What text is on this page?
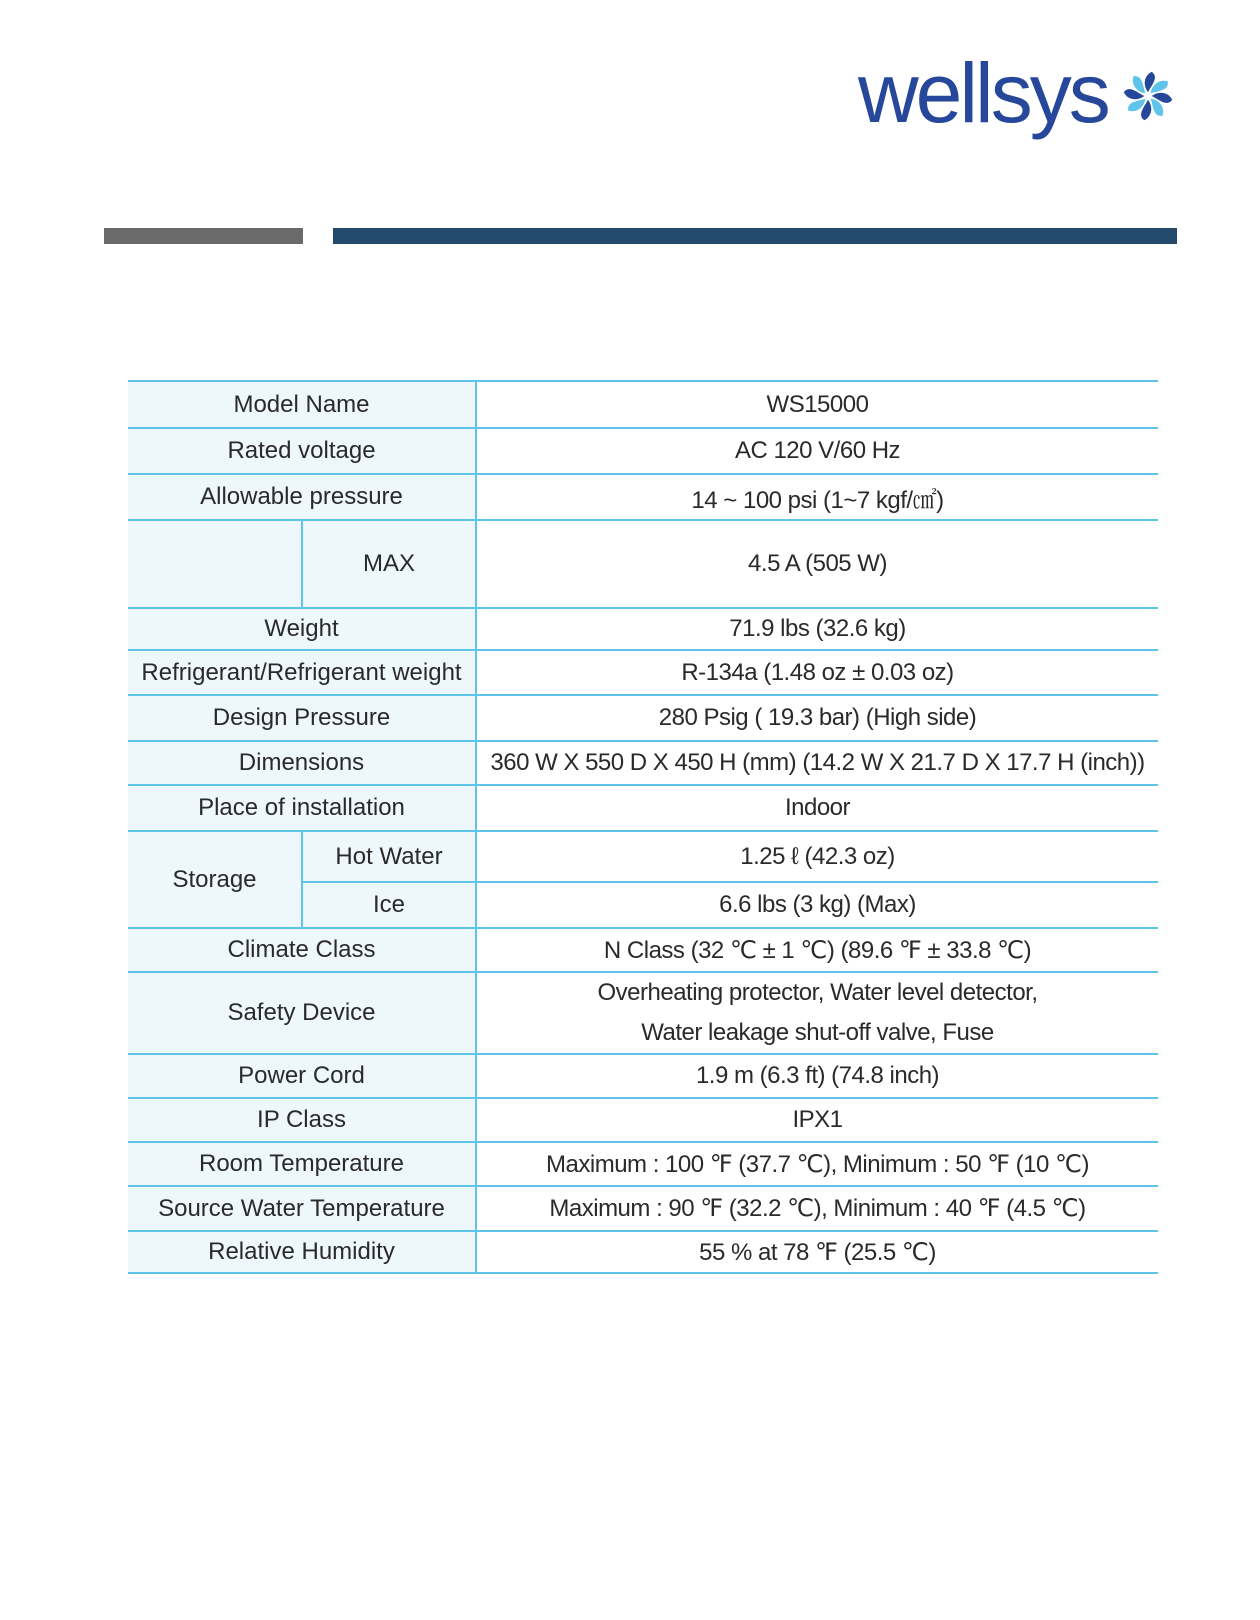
wellsys
Model Name		WS15000
Rated voltage		AC 120 V/60 Hz
Allowable pressure		14 ~ 100 psi (1~7 kgf/㎠)
	MAX	4.5 A (505 W)
Weight		71.9 lbs (32.6 kg)
Refrigerant/Refrigerant weight		R-134a (1.48 oz ± 0.03 oz)
Design Pressure		280 Psig ( 19.3 bar) (High side)
Dimensions		360 W X 550 D X 450 H (mm) (14.2 W X 21.7 D X 17.7 H (inch))
Place of installation		Indoor
Storage	Hot Water	1.25 ℓ (42.3 oz)
	Ice	6.6 lbs (3 kg) (Max)
Climate Class		N Class (32 ℃ ± 1 ℃) (89.6 ℉ ± 33.8 ℃)
Safety Device		Overheating protector, Water level detector,
Water leakage shut-off valve, Fuse

Power Cord		1.9 m (6.3 ft) (74.8 inch)
IP Class		IPX1
Room Temperature		Maximum : 100 ℉ (37.7 ℃), Minimum : 50 ℉ (10 ℃)
Source Water Temperature		Maximum : 90 ℉ (32.2 ℃), Minimum : 40 ℉ (4.5 ℃)
Relative Humidity		55 % at 78 ℉ (25.5 ℃)
